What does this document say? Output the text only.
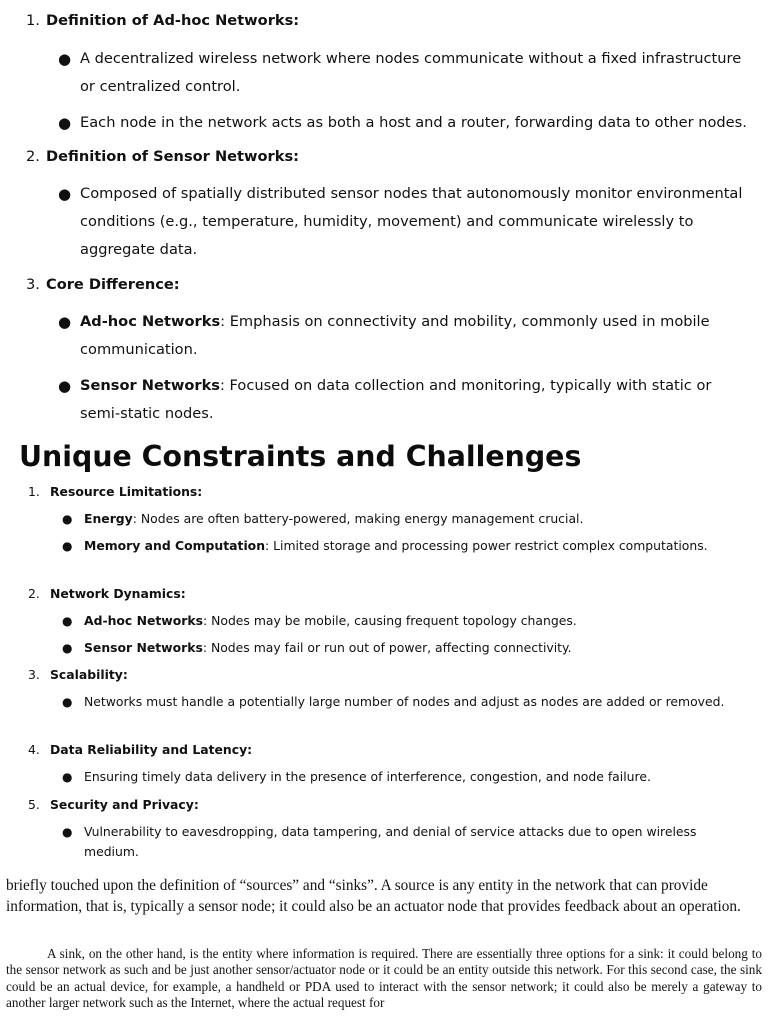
1. Definition of Ad-hoc Networks:
● A decentralized wireless network where nodes communicate without a fixed infrastructure or centralized control.
● Each node in the network acts as both a host and a router, forwarding data to other nodes.
2. Definition of Sensor Networks:
● Composed of spatially distributed sensor nodes that autonomously monitor environmental conditions (e.g., temperature, humidity, movement) and communicate wirelessly to aggregate data.
3. Core Difference:
● Ad-hoc Networks: Emphasis on connectivity and mobility, commonly used in mobile communication.
● Sensor Networks: Focused on data collection and monitoring, typically with static or semi-static nodes.
Unique Constraints and Challenges
1. Resource Limitations:
● Energy: Nodes are often battery-powered, making energy management crucial.
● Memory and Computation: Limited storage and processing power restrict complex computations.
2. Network Dynamics:
● Ad-hoc Networks: Nodes may be mobile, causing frequent topology changes.
● Sensor Networks: Nodes may fail or run out of power, affecting connectivity.
3. Scalability:
● Networks must handle a potentially large number of nodes and adjust as nodes are added or removed.
4. Data Reliability and Latency:
● Ensuring timely data delivery in the presence of interference, congestion, and node failure.
5. Security and Privacy:
● Vulnerability to eavesdropping, data tampering, and denial of service attacks due to open wireless medium.

briefly touched upon the definition of “sources” and “sinks”. A source is any entity in the network that can provide information, that is, typically a sensor node; it could also be an actuator node that provides feedback about an operation.

A sink, on the other hand, is the entity where information is required. There are essentially three options for a sink: it could belong to the sensor network as such and be just another sensor/actuator node or it could be an entity outside this network. For this second case, the sink could be an actual device, for example, a handheld or PDA used to interact with the sensor network; it could also be merely a gateway to another larger network such as the Internet, where the actual request for
